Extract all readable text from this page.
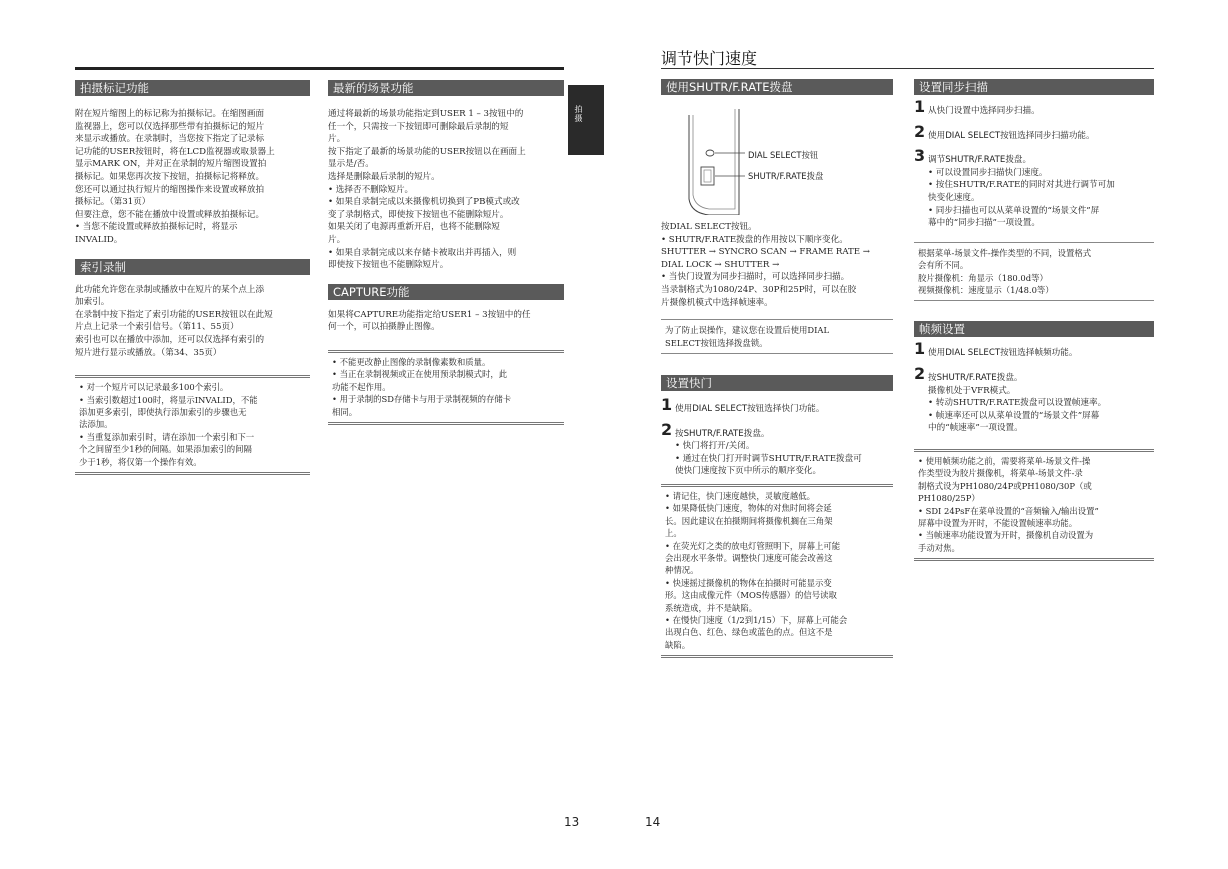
拍摄标记功能

附在短片缩图上的标记称为拍摄标记。在缩图画面

监视器上，您可以仅选择那些带有拍摄标记的短片

来显示或播放。在录制时，当您按下指定了记录标

记功能的USER按钮时，将在LCD监视器或取景器上

显示MARK ON，并对正在录制的短片缩图设置拍

摄标记。如果您再次按下按钮，拍摄标记将释放。

您还可以通过执行短片的缩图操作来设置或释放拍

摄标记。（第31页）

但要注意，您不能在播放中设置或释放拍摄标记。

• 当您不能设置或释放拍摄标记时，将显示

INVALID。

索引录制

此功能允许您在录制或播放中在短片的某个点上添

加索引。

在录制中按下指定了索引功能的USER按钮以在此短

片点上记录一个索引信号。（第11、55页）

索引也可以在播放中添加，还可以仅选择有索引的

短片进行显示或播放。（第34、35页）

• 对一个短片可以记录最多100个索引。

• 当索引数超过100时，将显示INVALID，不能

添加更多索引，即使执行添加索引的步骤也无

法添加。

• 当重复添加索引时，请在添加一个索引和下一

个之间留至少1秒的间隔。如果添加索引的间隔

少于1秒，将仅第一个操作有效。

最新的场景功能

通过将最新的场景功能指定到USER 1 – 3按钮中的

任一个，只需按一下按钮即可删除最后录制的短

片。

按下指定了最新的场景功能的USER按钮以在画面上

显示是/否。

选择是删除最后录制的短片。

• 选择否不删除短片。

• 如果自录制完成以来摄像机切换到了PB模式或改

变了录制格式，即使按下按钮也不能删除短片。

如果关闭了电源再重新开启，也将不能删除短

片。

• 如果自录制完成以来存储卡被取出并再插入，则

即使按下按钮也不能删除短片。

CAPTURE功能

如果将CAPTURE功能指定给USER1 – 3按钮中的任

何一个，可以拍摄静止图像。

• 不能更改静止图像的录制像素数和质量。

• 当正在录制视频或正在使用预录制模式时，此

功能不起作用。

• 用于录制的SD存储卡与用于录制视频的存储卡

相同。

拍摄
13
调节快门速度
使用SHUTR/F.RATE拨盘
DIAL SELECT按钮
SHUTR/F.RATE拨盘

按DIAL SELECT按钮。

• SHUTR/F.RATE拨盘的作用按以下顺序变化。

SHUTTER → SYNCRO SCAN → FRAME RATE →

DIAL LOCK → SHUTTER →

• 当快门设置为同步扫描时，可以选择同步扫描。

当录制格式为1080/24P、30P和25P时，可以在胶

片摄像机模式中选择帧速率。

为了防止误操作，建议您在设置后使用DIAL

SELECT按钮选择拨盘锁。

设置快门
1 使用DIAL SELECT按钮选择快门功能。
2 按SHUTR/F.RATE拨盘。

• 快门将打开/关闭。

• 通过在快门打开时调节SHUTR/F.RATE拨盘可

使快门速度按下页中所示的顺序变化。

• 请记住，快门速度越快，灵敏度越低。

• 如果降低快门速度，物体的对焦时间将会延

长。因此建议在拍摄期间将摄像机搁在三角架

上。

• 在荧光灯之类的放电灯管照明下，屏幕上可能

会出现水平条带。调整快门速度可能会改善这

种情况。

• 快速摇过摄像机的物体在拍摄时可能显示变

形。这由成像元件（MOS传感器）的信号读取

系统造成，并不是缺陷。

• 在慢快门速度（1/2到1/15）下，屏幕上可能会

出现白色、红色、绿色或蓝色的点。但这不是

缺陷。

设置同步扫描
1 从快门设置中选择同步扫描。
2 使用DIAL SELECT按钮选择同步扫描功能。
3 调节SHUTR/F.RATE拨盘。

• 可以设置同步扫描快门速度。

• 按住SHUTR/F.RATE的同时对其进行调节可加

快变化速度。

• 同步扫描也可以从菜单设置的“场景文件”屏

幕中的“同步扫描”一项设置。

根据菜单-场景文件-操作类型的不同，设置格式

会有所不同。

胶片摄像机：角显示（180.0d等）

视频摄像机：速度显示（1/48.0等）

帧频设置
1 使用DIAL SELECT按钮选择帧频功能。
2 按SHUTR/F.RATE拨盘。

摄像机处于VFR模式。

• 转动SHUTR/F.RATE拨盘可以设置帧速率。

• 帧速率还可以从菜单设置的“场景文件”屏幕

中的“帧速率”一项设置。

• 使用帧频功能之前，需要将菜单-场景文件-操

作类型设为胶片摄像机，将菜单-场景文件-录

制格式设为PH1080/24P或PH1080/30P（或

PH1080/25P）

• SDI 24PsF在菜单设置的“音频输入/输出设置”

屏幕中设置为开时，不能设置帧速率功能。

• 当帧速率功能设置为开时，摄像机自动设置为

手动对焦。

14
